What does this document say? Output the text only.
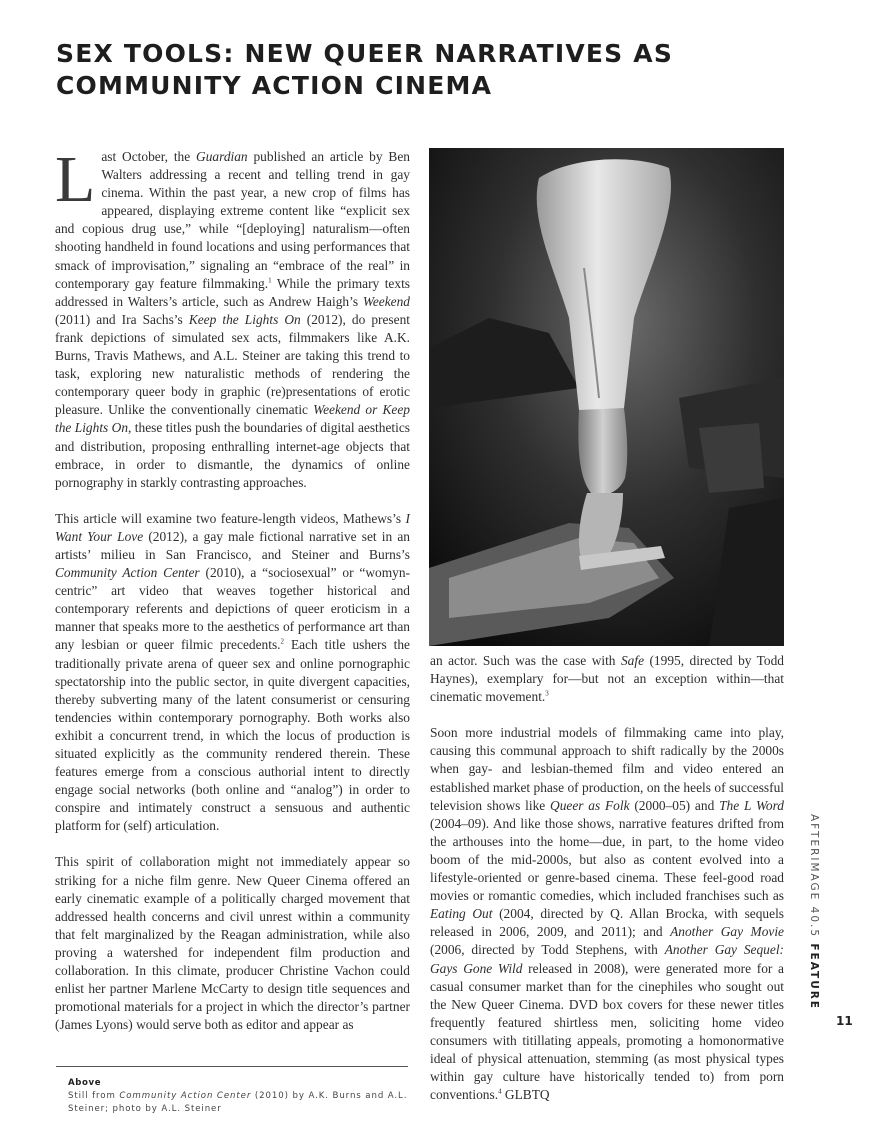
SEX TOOLS: NEW QUEER NARRATIVES AS COMMUNITY ACTION CINEMA

Last October, the Guardian published an article by Ben Walters addressing a recent and telling trend in gay cinema. Within the past year, a new crop of films has appeared, displaying extreme content like “explicit sex and copious drug use,” while “[deploying] naturalism—often shooting handheld in found locations and using performances that smack of improvisation,” signaling an “embrace of the real” in contemporary gay feature filmmaking.$^1$ While the primary texts addressed in Walters’s article, such as Andrew Haigh’s Weekend (2011) and Ira Sachs’s Keep the Lights On (2012), do present frank depictions of simulated sex acts, filmmakers like A.K. Burns, Travis Mathews, and A.L. Steiner are taking this trend to task, exploring new naturalistic methods of rendering the contemporary queer body in graphic (re)presentations of erotic pleasure. Unlike the conventionally cinematic Weekend or Keep the Lights On, these titles push the boundaries of digital aesthetics and distribution, proposing enthralling internet-age objects that embrace, in order to dismantle, the dynamics of online pornography in starkly contrasting approaches.

This article will examine two feature-length videos, Mathews’s I Want Your Love (2012), a gay male fictional narrative set in an artists’ milieu in San Francisco, and Steiner and Burns’s Community Action Center (2010), a “sociosexual” or “womyn-centric” art video that weaves together historical and contemporary referents and depictions of queer eroticism in a manner that speaks more to the aesthetics of performance art than any lesbian or queer filmic precedents.$^2$ Each title ushers the traditionally private arena of queer sex and online pornographic spectatorship into the public sector, in quite divergent capacities, thereby subverting many of the latent consumerist or censuring tendencies within contemporary pornography. Both works also exhibit a concurrent trend, in which the locus of production is situated explicitly as the community rendered therein. These features emerge from a conscious authorial intent to directly engage social networks (both online and “analog”) in order to conspire and intimately construct a sensuous and authentic platform for (self) articulation.

This spirit of collaboration might not immediately appear so striking for a niche film genre. New Queer Cinema offered an early cinematic example of a politically charged movement that addressed health concerns and civil unrest within a community that felt marginalized by the Reagan administration, while also proving a watershed for independent film production and collaboration. In this climate, producer Christine Vachon could enlist her partner Marlene McCarty to design title sequences and promotional materials for a project in which the director’s partner (James Lyons) would serve both as editor and appear as

an actor. Such was the case with Safe (1995, directed by Todd Haynes), exemplary for—but not an exception within—that cinematic movement.$^3$

Soon more industrial models of filmmaking came into play, causing this communal approach to shift radically by the 2000s when gay- and lesbian-themed film and video entered an established market phase of production, on the heels of successful television shows like Queer as Folk (2000–05) and The L Word (2004–09). And like those shows, narrative features drifted from the arthouses into the home—due, in part, to the home video boom of the mid-2000s, but also as content evolved into a lifestyle-oriented or genre-based cinema. These feel-good road movies or romantic comedies, which included franchises such as Eating Out (2004, directed by Q. Allan Brocka, with sequels released in 2006, 2009, and 2011); and Another Gay Movie (2006, directed by Todd Stephens, with Another Gay Sequel: Gays Gone Wild released in 2008), were generated more for a casual consumer market than for the cinephiles who sought out the New Queer Cinema. DVD box covers for these newer titles frequently featured shirtless men, soliciting home video consumers with titillating appeals, promoting a homonormative ideal of physical attenuation, stemming (as most physical types within gay culture have historically tended to) from porn conventions.$^4$ GLBTQ

Above
Still from Community Action Center (2010) by A.K. Burns and A.L. Steiner; photo by A.L. Steiner
AFTERIMAGE 40.5 FEATURE
11
